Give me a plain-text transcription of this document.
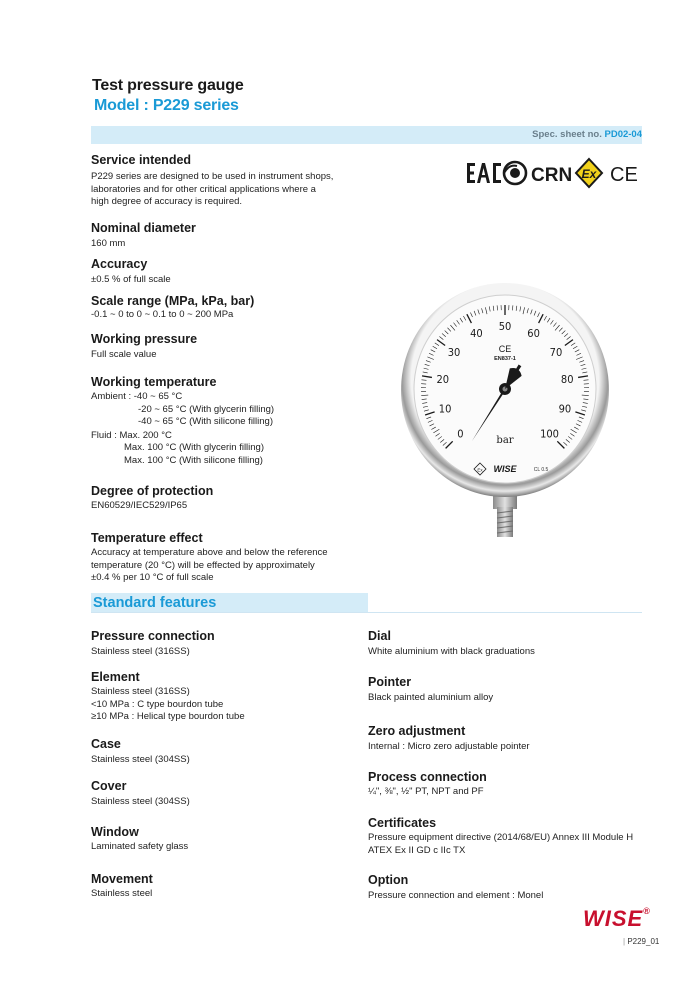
Test pressure gauge
Model : P229 series
Spec. sheet no. PD02-04
CRN Ex CE

Service intended

P229 series are designed to be used in instrument shops,

laboratories and for other critical applications where a

high degree of accuracy is required.

Nominal diameter

160 mm

Accuracy

±0.5 % of full scale

Scale range (MPa, kPa, bar)

-0.1 ~ 0 to 0 ~ 0.1 to 0 ~ 200 MPa

Working pressure

Full scale value

Working temperature

Ambient : -40 ~ 65 °C

-20 ~ 65 °C (With glycerin filling)

-40 ~ 65 °C (With silicone filling)

Fluid : Max. 200 °C

Max. 100 °C (With glycerin filling)

Max. 100 °C (With silicone filling)

Degree of protection

EN60529/IEC529/IP65

Temperature effect

Accuracy at temperature above and below the reference

temperature (20 °C) will be effected by approximately

±0.4 % per 10 °C of full scale

0
10
20
30
40
50
60
70
80
90
100
CE
EN837-1
bar
CL 0.5
WISE
Ex
Standard features

Pressure connection

Stainless steel (316SS)

Element

Stainless steel (316SS)

<10 MPa : C type bourdon tube

≥10 MPa : Helical type bourdon tube

Case

Stainless steel (304SS)

Cover

Stainless steel (304SS)

Window

Laminated safety glass

Movement

Stainless steel

Dial

White aluminium with black graduations

Pointer

Black painted aluminium alloy

Zero adjustment

Internal : Micro zero adjustable pointer

Process connection

¼", ⅜", ½" PT, NPT and PF

Certificates

Pressure equipment directive (2014/68/EU) Annex III Module H

ATEX Ex II GD c IIc TX

Option

Pressure connection and element : Monel

WISE®
| P229_01
